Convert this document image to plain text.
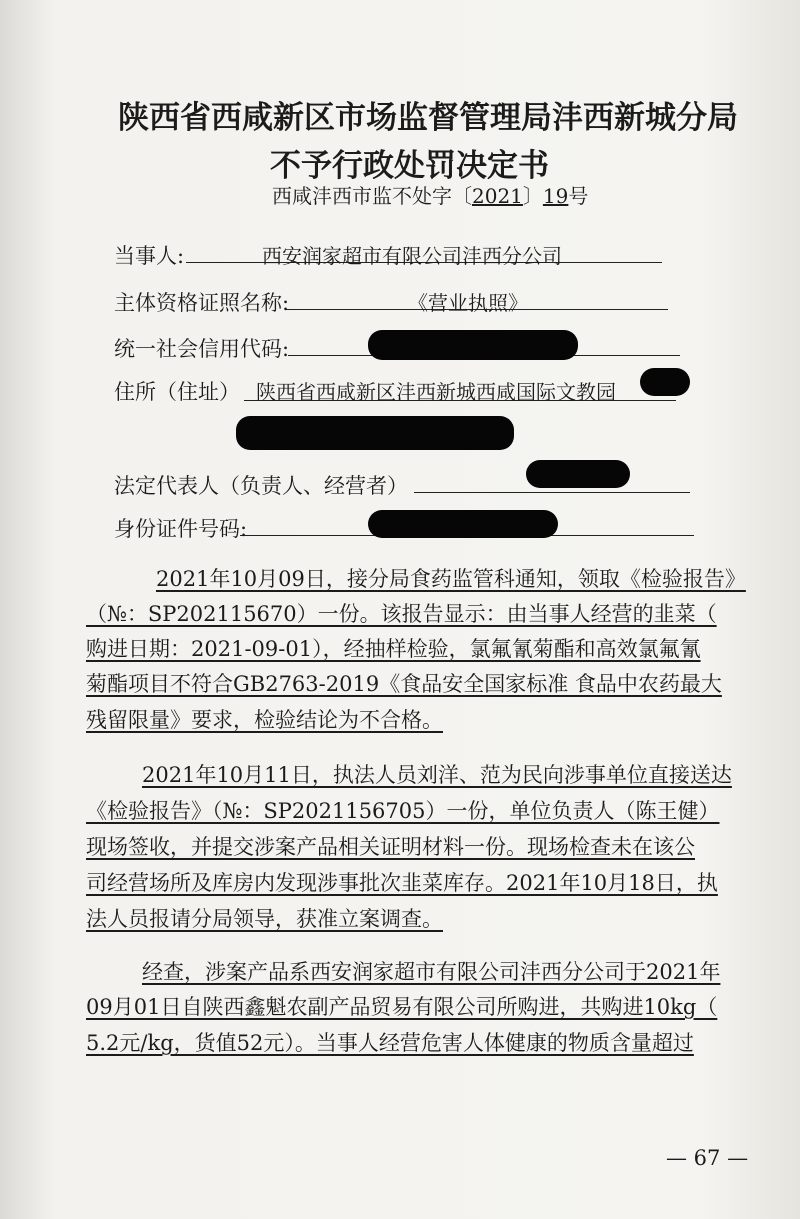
陕西省西咸新区市场监督管理局沣西新城分局
不予行政处罚决定书
西咸沣西市监不处字〔2021〕19号
当事人:	西安润家超市有限公司沣西分公司
主体资格证照名称:	《营业执照》
统一社会信用代码:
住所（住址） 陕西省西咸新区沣西新城西咸国际文教园
法定代表人（负责人、经营者）
身份证件号码:
2021年10月09日，接分局食药监管科通知，领取《检验报告》
（№：SP202115670）一份。该报告显示：由当事人经营的韭菜（
购进日期：2021-09-01），经抽样检验，氯氟氰菊酯和高效氯氟氰
菊酯项目不符合GB2763-2019《食品安全国家标准 食品中农药最大
残留限量》要求，检验结论为不合格。
2021年10月11日，执法人员刘洋、范为民向涉事单位直接送达
《检验报告》（№：SP2021156705）一份，单位负责人（陈王健）
现场签收，并提交涉案产品相关证明材料一份。现场检查未在该公
司经营场所及库房内发现涉事批次韭菜库存。2021年10月18日，执
法人员报请分局领导，获准立案调查。
经查，涉案产品系西安润家超市有限公司沣西分公司于2021年
09月01日自陕西鑫魁农副产品贸易有限公司所购进，共购进10kg（
5.2元/kg，货值52元）。当事人经营危害人体健康的物质含量超过
— 67 —
